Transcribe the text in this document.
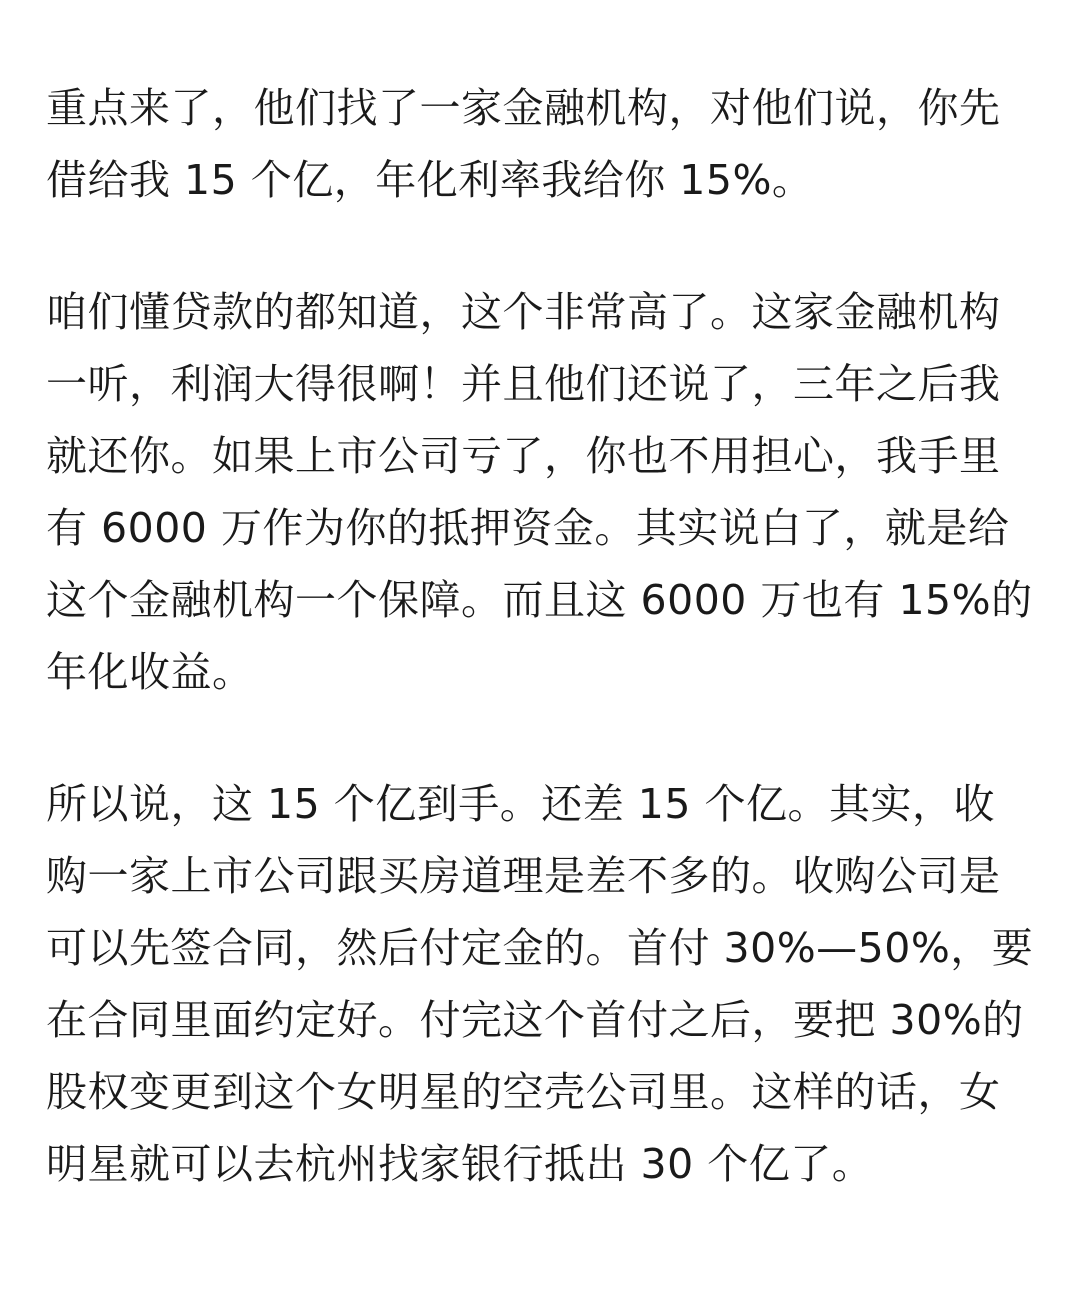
重点来了，他们找了一家金融机构，对他们说，你先借给我 15 个亿，年化利率我给你 15%。

咱们懂贷款的都知道，这个非常高了。这家金融机构一听，利润大得很啊！并且他们还说了，三年之后我就还你。如果上市公司亏了，你也不用担心，我手里有 6000 万作为你的抵押资金。其实说白了，就是给这个金融机构一个保障。而且这 6000 万也有 15%的年化收益。

所以说，这 15 个亿到手。还差 15 个亿。其实，收购一家上市公司跟买房道理是差不多的。收购公司是可以先签合同，然后付定金的。首付 30%—50%，要在合同里面约定好。付完这个首付之后，要把 30%的股权变更到这个女明星的空壳公司里。这样的话，女明星就可以去杭州找家银行抵出 30 个亿了。
